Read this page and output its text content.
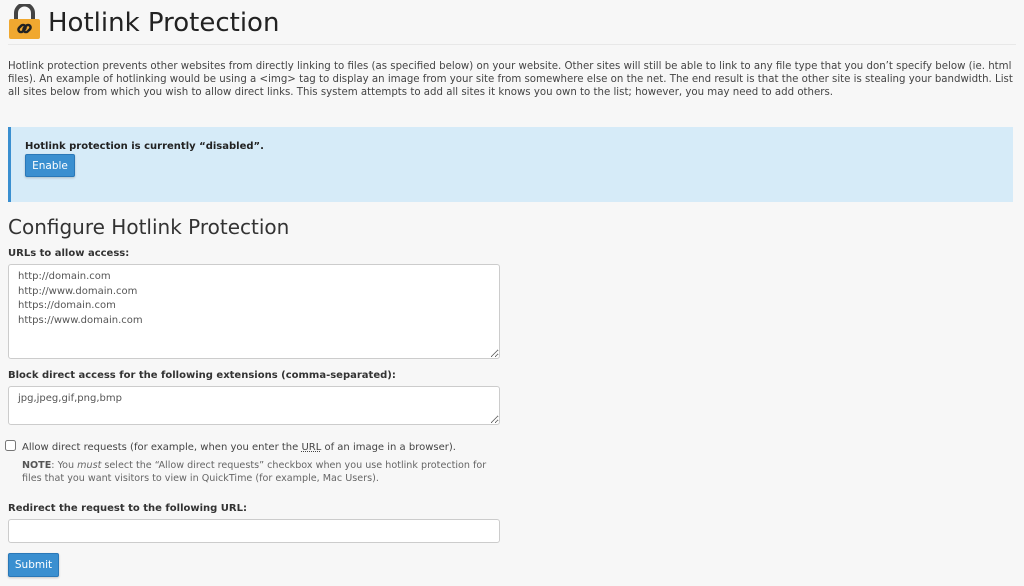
Hotlink Protection

Hotlink protection prevents other websites from directly linking to files (as specified below) on your website. Other sites will still be able to link to any file type that you don’t specify below (ie. html files). An example of hotlinking would be using a <img> tag to display an image from your site from somewhere else on the net. The end result is that the other site is stealing your bandwidth. List all sites below from which you wish to allow direct links. This system attempts to add all sites it knows you own to the list; however, you may need to add others.

Hotlink protection is currently “disabled”.
Enable
Configure Hotlink Protection
URLs to allow access:
http://domain.com http://www.domain.com https://domain.com https://www.domain.com
Block direct access for the following extensions (comma-separated):
jpg,jpeg,gif,png,bmp
Allow direct requests (for example, when you enter the URL of an image in a browser).
NOTE: You must select the “Allow direct requests” checkbox when you use hotlink protection for files that you want visitors to view in QuickTime (for example, Mac Users).
Redirect the request to the following URL:
Submit
